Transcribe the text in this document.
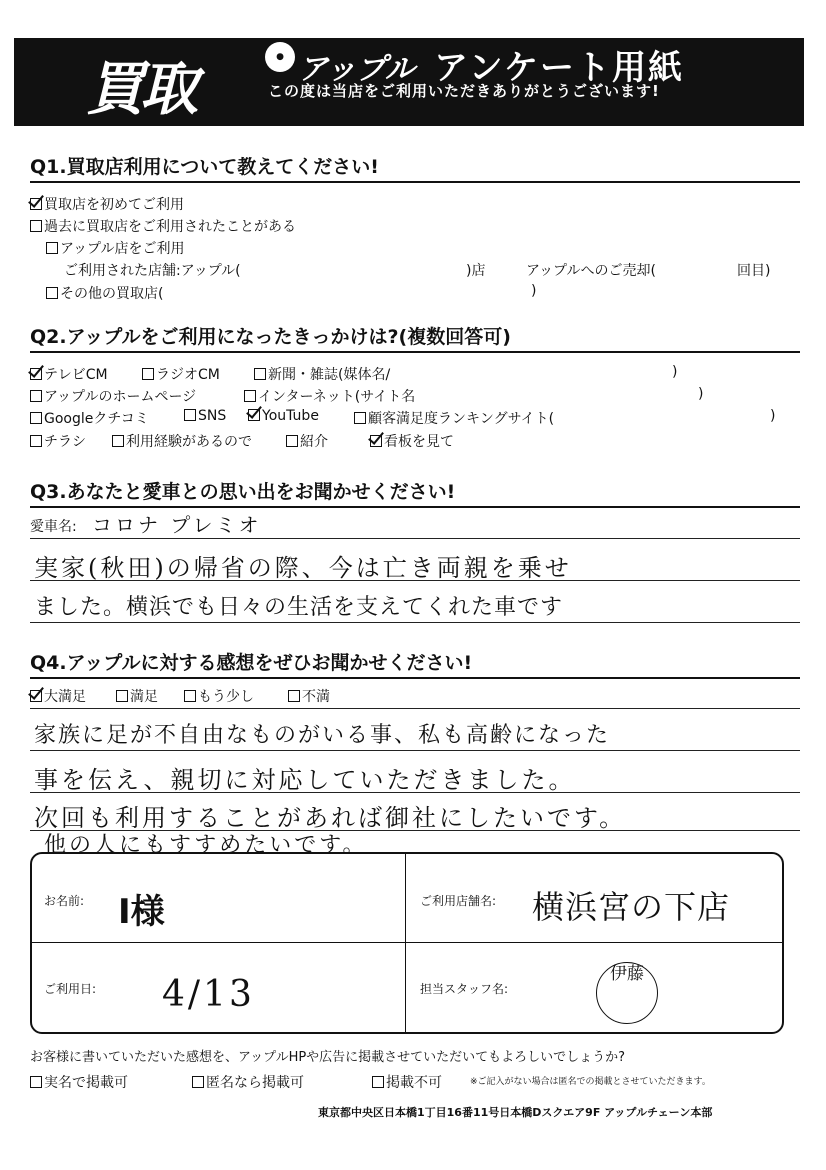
買取	● アップル アンケート用紙
この度は当店をご利用いただきありがとうございます!
Q1.買取店利用について教えてください!
買取店を初めてご利用
過去に買取店をご利用されたことがある
アップル店をご利用
ご利用された店舗:アップル(	)店	アップルへのご売却(	回目)
その他の買取店(	)
Q2.アップルをご利用になったきっかけは?(複数回答可)
テレビCM	ラジオCM	新聞・雑誌(媒体名/	)
アップルのホームページ	インターネット(サイト名	)
Googleクチコミ	SNS	YouTube	顧客満足度ランキングサイト(	)
チラシ	利用経験があるので	紹介	看板を見て
Q3.あなたと愛車との思い出をお聞かせください!
愛車名: コロナ プレミオ
実家(秋田)の帰省の際、今は亡き両親を乗せ
ました。横浜でも日々の生活を支えてくれた車です
Q4.アップルに対する感想をぜひお聞かせください!
大満足	満足	もう少し	不満
家族に足が不自由なものがいる事、私も高齢になった
事を伝え、親切に対応していただきました。
次回も利用することがあれば御社にしたいです。
他の人にもすすめたいです。
お名前: I様	ご利用店舗名: 横浜宮の下店
ご利用日: 4/13	担当スタッフ名:
伊藤
お客様に書いていただいた感想を、アップルHPや広告に掲載させていただいてもよろしいでしょうか?
実名で掲載可	匿名なら掲載可	掲載不可	※ご記入がない場合は匿名での掲載とさせていただきます。
東京都中央区日本橋1丁目16番11号日本橋Dスクエア9F アップルチェーン本部
